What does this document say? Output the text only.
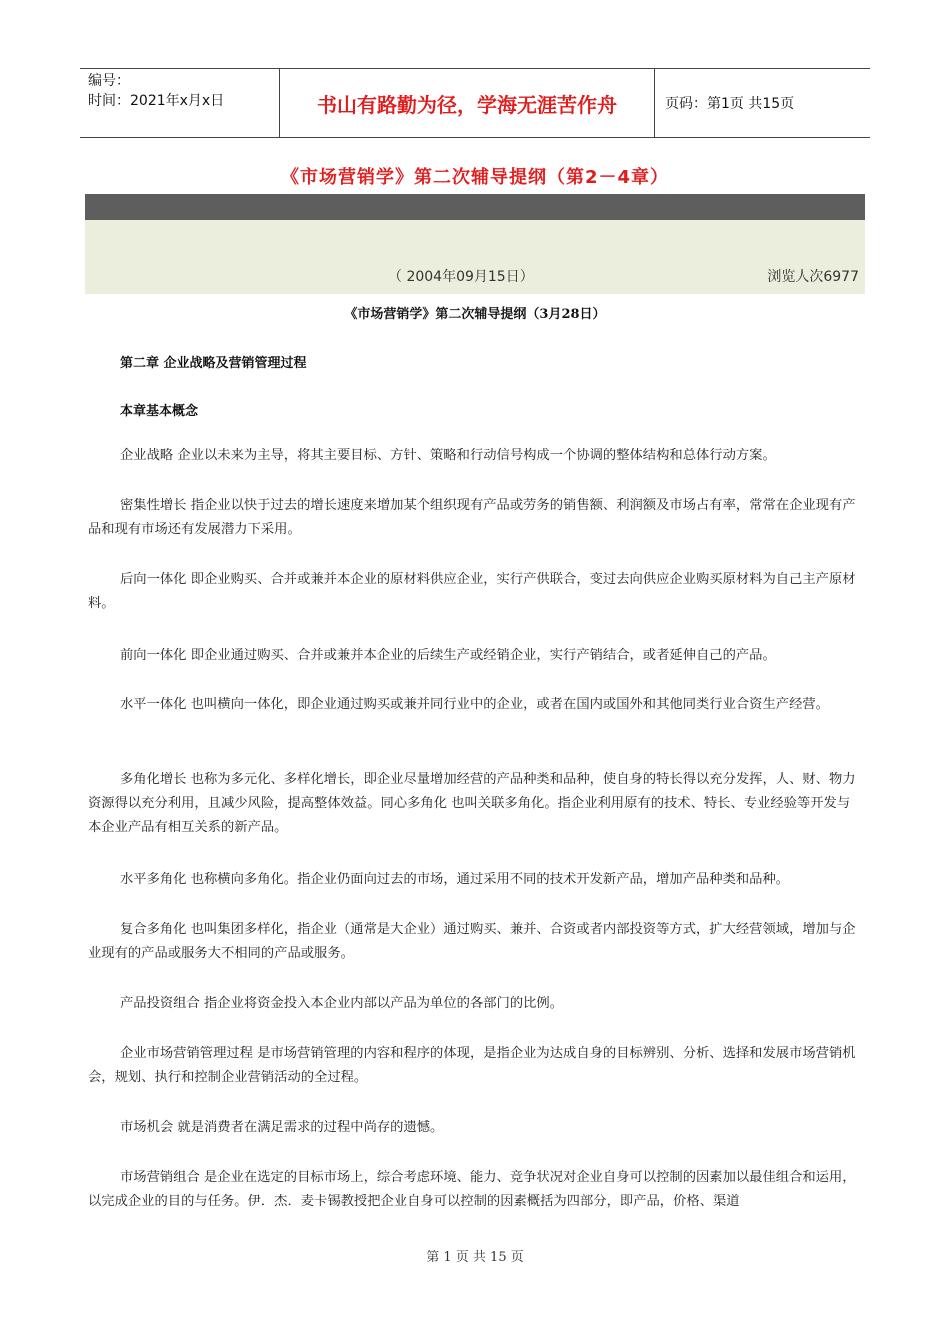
编号：
时间：2021年x月x日	书山有路勤为径，学海无涯苦作舟	页码：第1页 共15页
《市场营销学》第二次辅导提纲（第2－4章）
（ 2004年09月15日）	浏览人次6977
《市场营销学》第二次辅导提纲（3月28日）
第二章 企业战略及营销管理过程
本章基本概念

企业战略 企业以未来为主导，将其主要目标、方针、策略和行动信号构成一个协调的整体结构和总体行动方案。

密集性增长 指企业以快于过去的增长速度来增加某个组织现有产品或劳务的销售额、利润额及市场占有率，常常在企业现有产品和现有市场还有发展潜力下采用。

后向一体化 即企业购买、合并或兼并本企业的原材料供应企业，实行产供联合，变过去向供应企业购买原材料为自己主产原材料。

前向一体化 即企业通过购买、合并或兼并本企业的后续生产或经销企业，实行产销结合，或者延伸自己的产品。

水平一体化 也叫横向一体化，即企业通过购买或兼并同行业中的企业，或者在国内或国外和其他同类行业合资生产经营。

多角化增长 也称为多元化、多样化增长，即企业尽量增加经营的产品种类和品种，使自身的特长得以充分发挥，人、财、物力资源得以充分利用，且减少风险，提高整体效益。同心多角化 也叫关联多角化。指企业利用原有的技术、特长、专业经验等开发与本企业产品有相互关系的新产品。

水平多角化 也称横向多角化。指企业仍面向过去的市场，通过采用不同的技术开发新产品，增加产品种类和品种。

复合多角化 也叫集团多样化，指企业（通常是大企业）通过购买、兼并、合资或者内部投资等方式，扩大经营领域，增加与企业现有的产品或服务大不相同的产品或服务。

产品投资组合 指企业将资金投入本企业内部以产品为单位的各部门的比例。

企业市场营销管理过程 是市场营销管理的内容和程序的体现，是指企业为达成自身的目标辨别、分析、选择和发展市场营销机会，规划、执行和控制企业营销活动的全过程。

市场机会 就是消费者在满足需求的过程中尚存的遗憾。

市场营销组合 是企业在选定的目标市场上，综合考虑环境、能力、竞争状况对企业自身可以控制的因素加以最佳组合和运用，以完成企业的目的与任务。伊．杰．麦卡锡教授把企业自身可以控制的因素概括为四部分，即产品，价格、渠道

第 1 页 共 15 页
